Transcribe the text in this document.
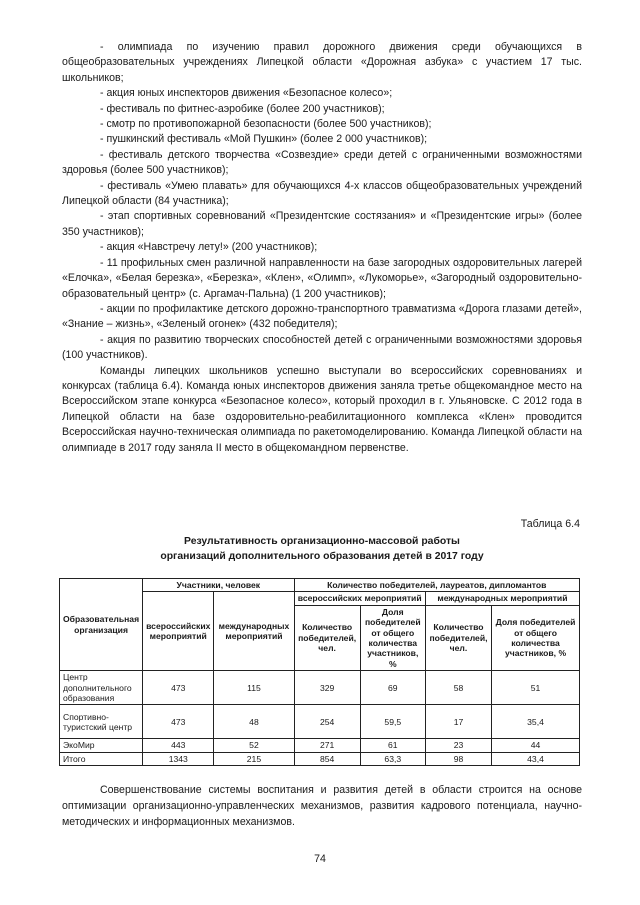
- олимпиада по изучению правил дорожного движения среди обучающихся в общеобразовательных учреждениях Липецкой области «Дорожная азбука» с участием 17 тыс. школьников;

- акция юных инспекторов движения «Безопасное колесо»;

- фестиваль по фитнес-аэробике (более 200 участников);

- смотр по противопожарной безопасности (более 500 участников);

- пушкинский фестиваль «Мой Пушкин» (более 2 000 участников);

- фестиваль детского творчества «Созвездие» среди детей с ограниченными возможностями здоровья (более 500 участников);

- фестиваль «Умею плавать» для обучающихся 4-х классов общеобразовательных учреждений Липецкой области (84 участника);

- этап спортивных соревнований «Президентские состязания» и «Президентские игры» (более 350 участников);

- акция «Навстречу лету!» (200 участников);

- 11 профильных смен различной направленности на базе загородных оздоровительных лагерей «Елочка», «Белая березка», «Березка», «Клен», «Олимп», «Лукоморье», «Загородный оздоровительно-образовательный центр» (с. Аргамач-Пальна) (1 200 участников);

- акции по профилактике детского дорожно-транспортного травматизма «Дорога глазами детей», «Знание – жизнь», «Зеленый огонек» (432 победителя);

- акция по развитию творческих способностей детей с ограниченными возможностями здоровья (100 участников).

Команды липецких школьников успешно выступали во всероссийских соревнованиях и конкурсах (таблица 6.4). Команда юных инспекторов движения заняла третье общекомандное место на Всероссийском этапе конкурса «Безопасное колесо», который проходил в г. Ульяновске. С 2012 года в Липецкой области на базе оздоровительно-реабилитационного комплекса «Клен» проводится Всероссийская научно-техническая олимпиада по ракетомоделированию. Команда Липецкой области на олимпиаде в 2017 году заняла II место в общекомандном первенстве.

Таблица 6.4
Результативность организационно-массовой работы
организаций дополнительного образования детей в 2017 году
Образовательная организация	Участники, человек		Количество победителей, лауреатов, дипломантов			
	всероссийских мероприятий	международных мероприятий	всероссийских мероприятий		международных мероприятий	
			Количество победителей, чел.	Доля победителей от общего количества участников, %	Количество победителей, чел.	Доля победителей от общего количества участников, %
Центр дополнительного образования	473	115	329	69	58	51
Спортивно-туристский центр	473	48	254	59,5	17	35,4
ЭкоМир	443	52	271	61	23	44
Итого	1343	215	854	63,3	98	43,4

Совершенствование системы воспитания и развития детей в области строится на основе оптимизации организационно-управленческих механизмов, развития кадрового потенциала, научно-методических и информационных механизмов.

74
